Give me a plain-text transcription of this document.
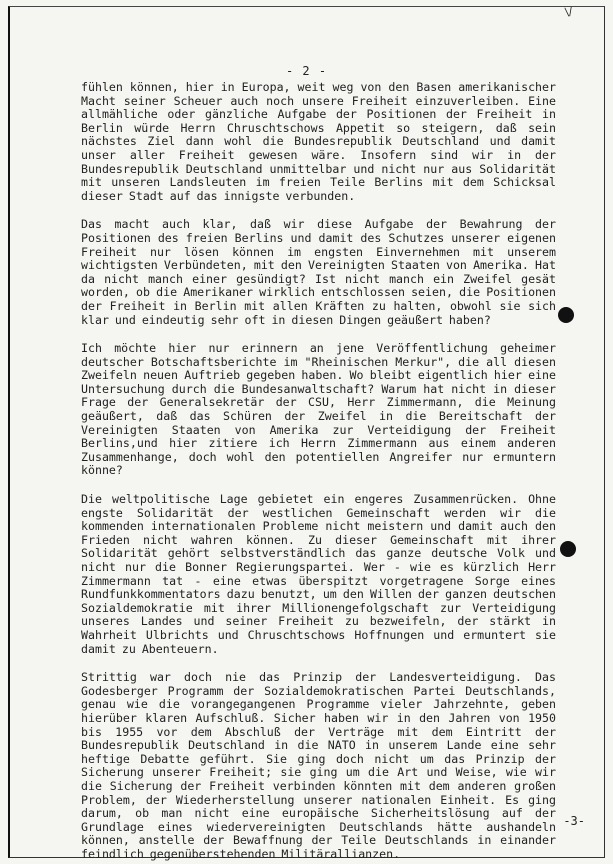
\/
- 2 -

fühlen können, hier in Europa, weit weg von den Basen amerikanischer Macht seiner Scheuer auch noch unsere Freiheit einzuverleiben. Eine allmähliche oder gänzliche Aufgabe der Positionen der Freiheit in Berlin würde Herrn Chruschtschows Appetit so steigern, daß sein nächstes Ziel dann wohl die Bundesrepublik Deutschland und damit unser aller Freiheit gewesen wäre. Insofern sind wir in der Bundesrepublik Deutschland unmittelbar und nicht nur aus Solidarität mit unseren Landsleuten im freien Teile Berlins mit dem Schicksal dieser Stadt auf das innigste verbunden.

Das macht auch klar, daß wir diese Aufgabe der Bewahrung der Positionen des freien Berlins und damit des Schutzes unserer eigenen Freiheit nur lösen können im engsten Einvernehmen mit unserem wichtigsten Verbündeten, mit den Vereinigten Staaten von Amerika. Hat da nicht manch einer gesündigt? Ist nicht manch ein Zweifel gesät worden, ob die Amerikaner wirklich entschlossen seien, die Positionen der Freiheit in Berlin mit allen Kräften zu halten, obwohl sie sich klar und eindeutig sehr oft in diesen Dingen geäußert haben?

Ich möchte hier nur erinnern an jene Veröffentlichung geheimer deutscher Botschaftsberichte im "Rheinischen Merkur", die all diesen Zweifeln neuen Auftrieb gegeben haben. Wo bleibt eigentlich hier eine Untersuchung durch die Bundesanwaltschaft? Warum hat nicht in dieser Frage der Generalsekretär der CSU, Herr Zimmermann, die Meinung geäußert, daß das Schüren der Zweifel in die Bereitschaft der Vereinigten Staaten von Amerika zur Verteidigung der Freiheit Berlins,und hier zitiere ich Herrn Zimmermann aus einem anderen Zusammenhange, doch wohl den potentiellen Angreifer nur ermuntern könne?

Die weltpolitische Lage gebietet ein engeres Zusammenrücken. Ohne engste Solidarität der westlichen Gemeinschaft werden wir die kommenden internationalen Probleme nicht meistern und damit auch den Frieden nicht wahren können. Zu dieser Gemeinschaft mit ihrer Solidarität gehört selbstverständlich das ganze deutsche Volk und nicht nur die Bonner Regierungspartei. Wer - wie es kürzlich Herr Zimmermann tat - eine etwas überspitzt vorgetragene Sorge eines Rundfunkkommentators dazu benutzt, um den Willen der ganzen deutschen Sozialdemokratie mit ihrer Millionengefolgschaft zur Verteidigung unseres Landes und seiner Freiheit zu bezweifeln, der stärkt in Wahrheit Ulbrichts und Chruschtschows Hoffnungen und ermuntert sie damit zu Abenteuern.

Strittig war doch nie das Prinzip der Landesverteidigung. Das Godesberger Programm der Sozialdemokratischen Partei Deutschlands, genau wie die vorangegangenen Programme vieler Jahrzehnte, geben hierüber klaren Aufschluß. Sicher haben wir in den Jahren von 1950 bis 1955 vor dem Abschluß der Verträge mit dem Eintritt der Bundesrepublik Deutschland in die NATO in unserem Lande eine sehr heftige Debatte geführt. Sie ging doch nicht um das Prinzip der Sicherung unserer Freiheit; sie ging um die Art und Weise, wie wir die Sicherung der Freiheit verbinden könnten mit dem anderen großen Problem, der Wiederherstellung unserer nationalen Einheit. Es ging darum, ob man nicht eine europäische Sicherheitslösung auf der Grundlage eines wiedervereinigten Deutschlands hätte aushandeln können, anstelle der Bewaffnung der Teile Deutschlands in einander feindlich gegenüberstehenden Militärallianzen.

-3-
